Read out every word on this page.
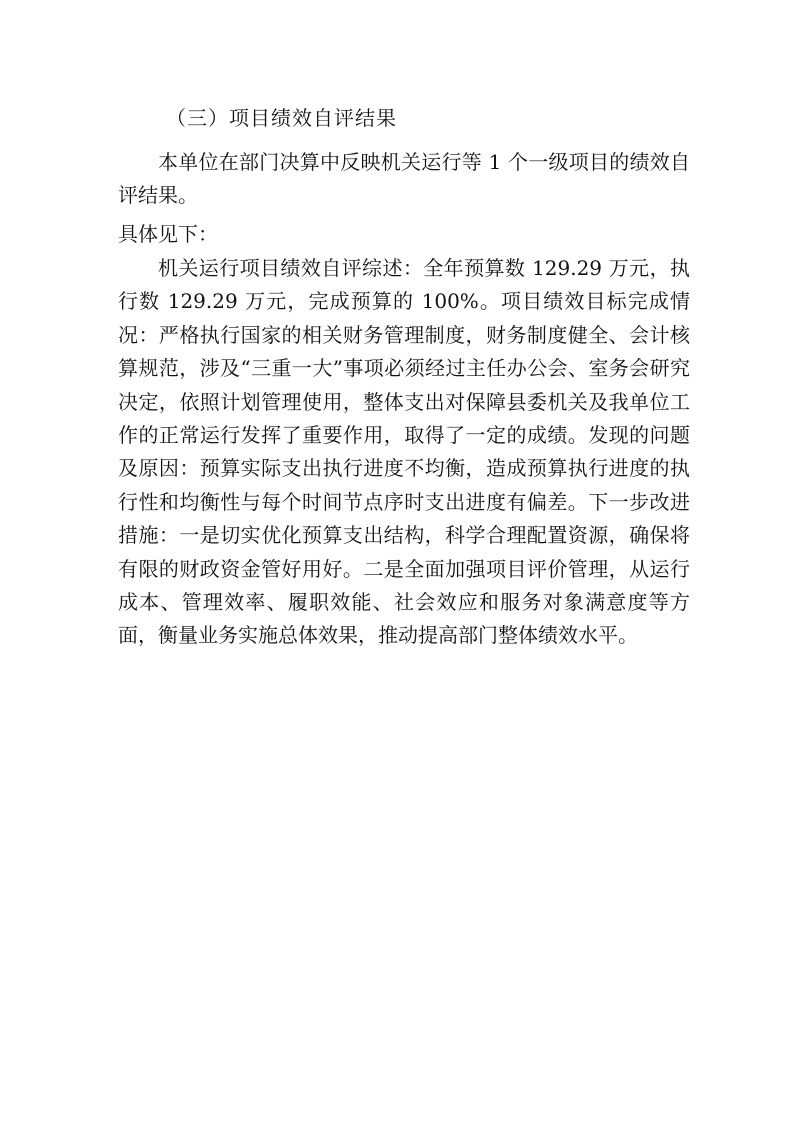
（三）项目绩效自评结果

本单位在部门决算中反映机关运行等 1 个一级项目的绩效自评结果。

具体见下：

机关运行项目绩效自评综述：全年预算数 129.29 万元，执行数 129.29 万元，完成预算的 100%。项目绩效目标完成情况：严格执行国家的相关财务管理制度，财务制度健全、会计核算规范，涉及“三重一大”事项必须经过主任办公会、室务会研究决定，依照计划管理使用，整体支出对保障县委机关及我单位工作的正常运行发挥了重要作用，取得了一定的成绩。发现的问题及原因：预算实际支出执行进度不均衡，造成预算执行进度的执行性和均衡性与每个时间节点序时支出进度有偏差。下一步改进措施：一是切实优化预算支出结构，科学合理配置资源，确保将有限的财政资金管好用好。二是全面加强项目评价管理，从运行成本、管理效率、履职效能、社会效应和服务对象满意度等方面，衡量业务实施总体效果，推动提高部门整体绩效水平。
